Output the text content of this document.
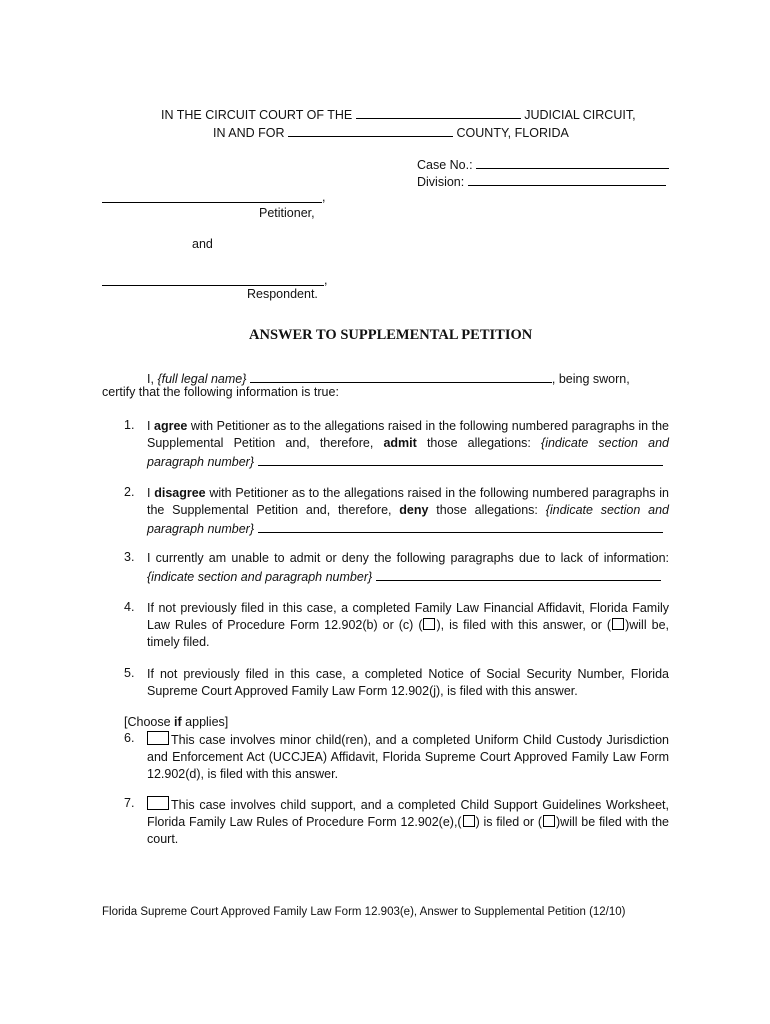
IN THE CIRCUIT COURT OF THE	JUDICIAL CIRCUIT,
IN AND FOR	COUNTY, FLORIDA
Case No.:
Division:
,
Petitioner,
and
,
Respondent.
ANSWER TO SUPPLEMENTAL PETITION
I, {full legal name}	, being sworn,
certify that the following information is true:
1. I agree with Petitioner as to the allegations raised in the following numbered paragraphs in the Supplemental Petition and, therefore, admit those allegations: {indicate section and paragraph number}
2. I disagree with Petitioner as to the allegations raised in the following numbered paragraphs in the Supplemental Petition and, therefore, deny those allegations: {indicate section and paragraph number}
3. I currently am unable to admit or deny the following paragraphs due to lack of information: {indicate section and paragraph number}
4. If not previously filed in this case, a completed Family Law Financial Affidavit, Florida Family Law Rules of Procedure Form 12.902(b) or (c) ( ), is filed with this answer, or ( )will be, timely filed.
5. If not previously filed in this case, a completed Notice of Social Security Number, Florida Supreme Court Approved Family Law Form 12.902(j), is filed with this answer.
[Choose if applies]
6.	This case involves minor child(ren), and a completed Uniform Child Custody Jurisdiction and Enforcement Act (UCCJEA) Affidavit, Florida Supreme Court Approved Family Law Form 12.902(d), is filed with this answer.
7.	This case involves child support, and a completed Child Support Guidelines Worksheet, Florida Family Law Rules of Procedure Form 12.902(e),( ) is filed or ( )will be filed with the court.
Florida Supreme Court Approved Family Law Form 12.903(e), Answer to Supplemental Petition (12/10)
